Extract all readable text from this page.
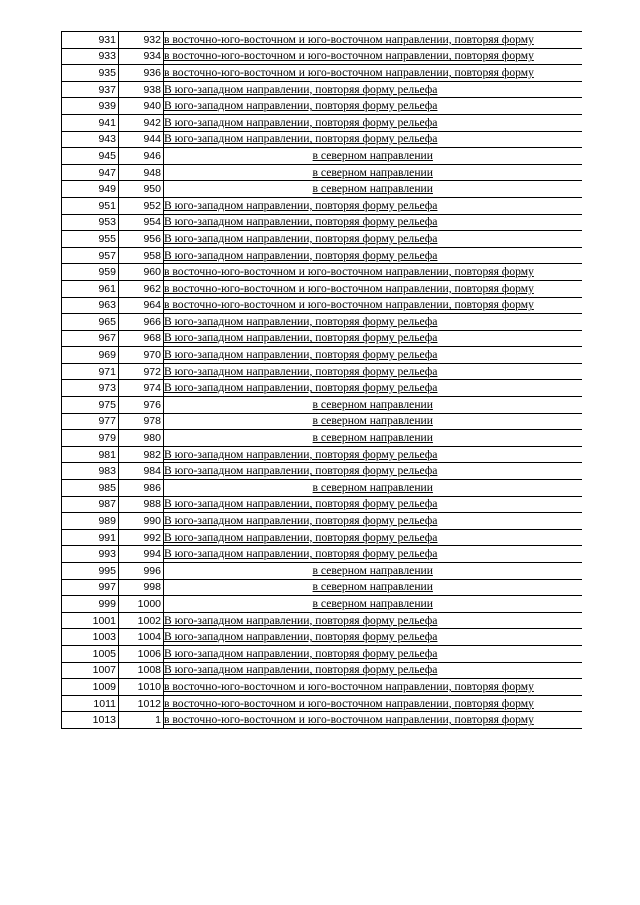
931	932	в восточно-юго-восточном и юго-восточном направлении, повторяя форму
933	934	в восточно-юго-восточном и юго-восточном направлении, повторяя форму
935	936	в восточно-юго-восточном и юго-восточном направлении, повторяя форму
937	938	В юго-западном направлении, повторяя форму рельефа
939	940	В юго-западном направлении, повторяя форму рельефа
941	942	В юго-западном направлении, повторяя форму рельефа
943	944	В юго-западном направлении, повторяя форму рельефа
945	946	в северном направлении
947	948	в северном направлении
949	950	в северном направлении
951	952	В юго-западном направлении, повторяя форму рельефа
953	954	В юго-западном направлении, повторяя форму рельефа
955	956	В юго-западном направлении, повторяя форму рельефа
957	958	В юго-западном направлении, повторяя форму рельефа
959	960	в восточно-юго-восточном и юго-восточном направлении, повторяя форму
961	962	в восточно-юго-восточном и юго-восточном направлении, повторяя форму
963	964	в восточно-юго-восточном и юго-восточном направлении, повторяя форму
965	966	В юго-западном направлении, повторяя форму рельефа
967	968	В юго-западном направлении, повторяя форму рельефа
969	970	В юго-западном направлении, повторяя форму рельефа
971	972	В юго-западном направлении, повторяя форму рельефа
973	974	В юго-западном направлении, повторяя форму рельефа
975	976	в северном направлении
977	978	в северном направлении
979	980	в северном направлении
981	982	В юго-западном направлении, повторяя форму рельефа
983	984	В юго-западном направлении, повторяя форму рельефа
985	986	в северном направлении
987	988	В юго-западном направлении, повторяя форму рельефа
989	990	В юго-западном направлении, повторяя форму рельефа
991	992	В юго-западном направлении, повторяя форму рельефа
993	994	В юго-западном направлении, повторяя форму рельефа
995	996	в северном направлении
997	998	в северном направлении
999	1000	в северном направлении
1001	1002	В юго-западном направлении, повторяя форму рельефа
1003	1004	В юго-западном направлении, повторяя форму рельефа
1005	1006	В юго-западном направлении, повторяя форму рельефа
1007	1008	В юго-западном направлении, повторяя форму рельефа
1009	1010	в восточно-юго-восточном и юго-восточном направлении, повторяя форму
1011	1012	в восточно-юго-восточном и юго-восточном направлении, повторяя форму
1013	1	в восточно-юго-восточном и юго-восточном направлении, повторяя форму
